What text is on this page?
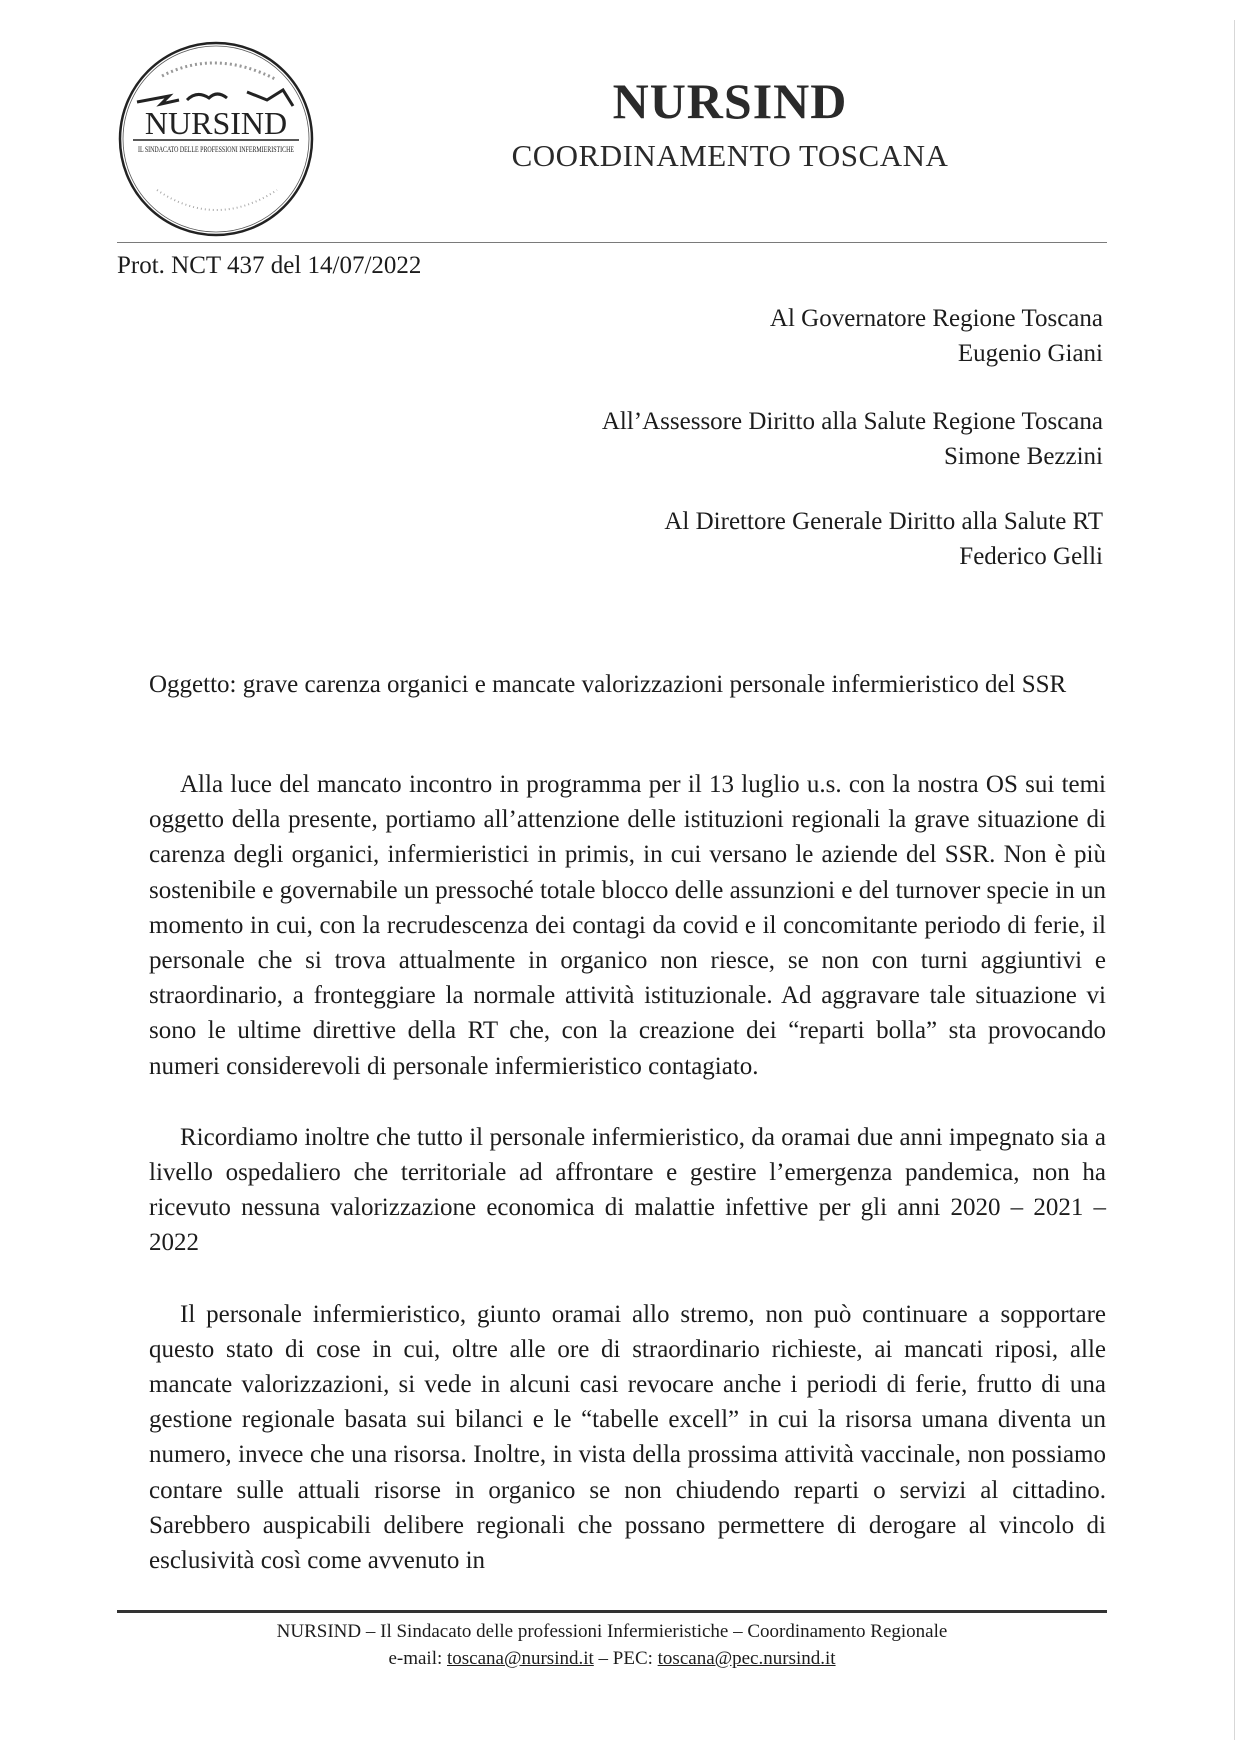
NURSIND
IL SINDACATO DELLE PROFESSIONI INFERMIERISTICHE
NURSIND
COORDINAMENTO TOSCANA
Prot. NCT 437 del 14/07/2022
Al Governatore Regione Toscana
Eugenio Giani
All’Assessore Diritto alla Salute Regione Toscana
Simone Bezzini
Al Direttore Generale Diritto alla Salute RT
Federico Gelli
Oggetto: grave carenza organici e mancate valorizzazioni personale infermieristico del SSR

Alla luce del mancato incontro in programma per il 13 luglio u.s. con la nostra OS sui temi oggetto della presente, portiamo all’attenzione delle istituzioni regionali la grave situazione di carenza degli organici, infermieristici in primis, in cui versano le aziende del SSR. Non è più sostenibile e governabile un pressoché totale blocco delle assunzioni e del turnover specie in un momento in cui, con la recrudescenza dei contagi da covid e il concomitante periodo di ferie, il personale che si trova attualmente in organico non riesce, se non con turni aggiuntivi e straordinario, a fronteggiare la normale attività istituzionale. Ad aggravare tale situazione vi sono le ultime direttive della RT che, con la creazione dei “reparti bolla” sta provocando numeri considerevoli di personale infermieristico contagiato.

Ricordiamo inoltre che tutto il personale infermieristico, da oramai due anni impegnato sia a livello ospedaliero che territoriale ad affrontare e gestire l’emergenza pandemica, non ha ricevuto nessuna valorizzazione economica di malattie infettive per gli anni 2020 – 2021 – 2022

Il personale infermieristico, giunto oramai allo stremo, non può continuare a sopportare questo stato di cose in cui, oltre alle ore di straordinario richieste, ai mancati riposi, alle mancate valorizzazioni, si vede in alcuni casi revocare anche i periodi di ferie, frutto di una gestione regionale basata sui bilanci e le “tabelle excell” in cui la risorsa umana diventa un numero, invece che una risorsa. Inoltre, in vista della prossima attività vaccinale, non possiamo contare sulle attuali risorse in organico se non chiudendo reparti o servizi al cittadino. Sarebbero auspicabili delibere regionali che possano permettere di derogare al vincolo di esclusività così come avvenuto in

NURSIND – Il Sindacato delle professioni Infermieristiche – Coordinamento Regionale
e-mail: toscana@nursind.it – PEC: toscana@pec.nursind.it
